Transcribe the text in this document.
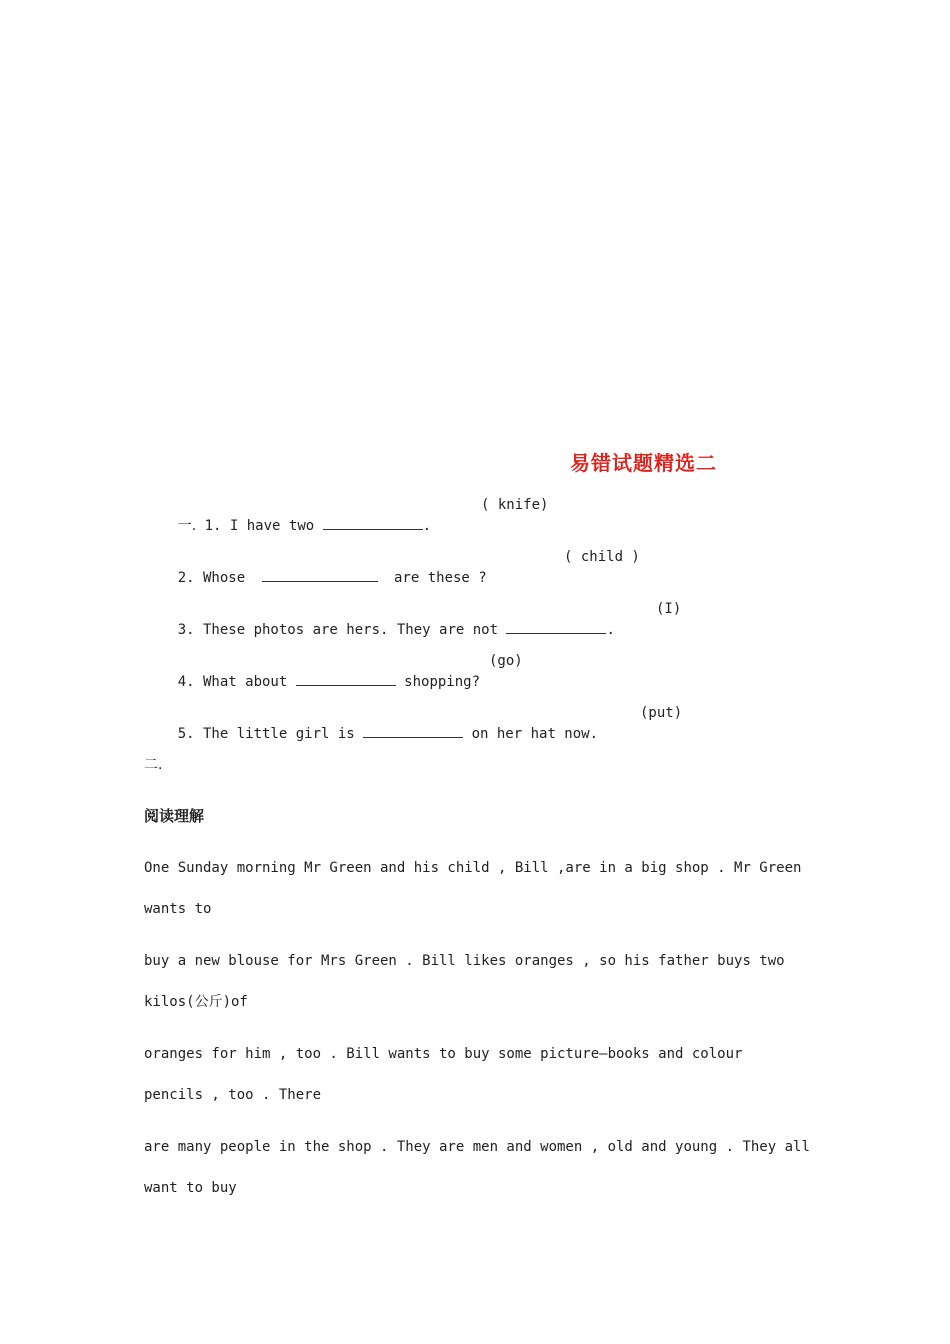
易错试题精选二

一. 1. I have two	.

( knife)

2. Whose	are these ?

( child )

3. These photos are hers. They are not	.

(I)

4. What about	shopping?

(go)

5. The little girl is	on her hat now.

(put)
二.
阅读理解
One Sunday morning Mr Green and his child , Bill ,are in a big shop . Mr Green
wants to
buy a new blouse for Mrs Green . Bill likes oranges , so his father buys two
kilos(公斤)of
oranges for him , too . Bill wants to buy some picture—books and colour
pencils , too . There
are many people in the shop . They are men and women , old and young . They all
want to buy
